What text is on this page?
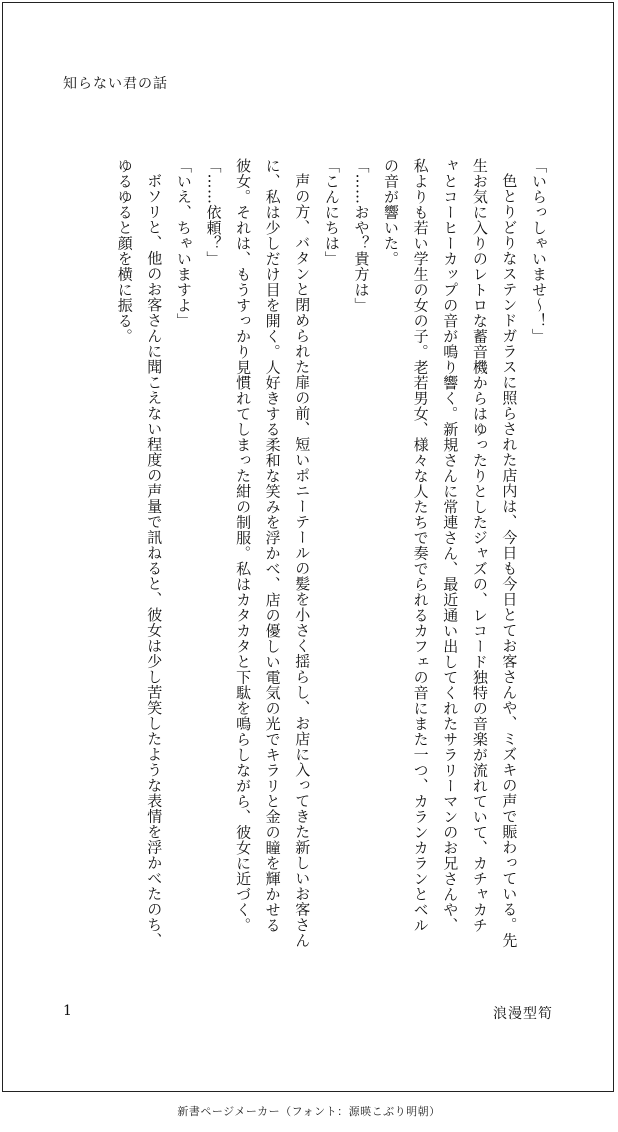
知らない君の話

「いらっしゃいませ～！」

色とりどりなステンドガラスに照らされた店内は、今日も今日とてお客さんや、ミズキの声で賑わっている。先生お気に入りのレトロな蓄音機からはゆったりとしたジャズの、レコード独特の音楽が流れていて、カチャカチャとコーヒーカップの音が鳴り響く。新規さんに常連さん、最近通い出してくれたサラリーマンのお兄さんや、私よりも若い学生の女の子。老若男女、様々な人たちで奏でられるカフェの音にまた一つ、カランカランとベルの音が響いた。

「……おや？貴方は」

「こんにちは」

声の方、バタンと閉められた扉の前、短いポニーテールの髪を小さく揺らし、お店に入ってきた新しいお客さんに、私は少しだけ目を開く。人好きする柔和な笑みを浮かべ、店の優しい電気の光でキラリと金の瞳を輝かせる彼女。それは、もうすっかり見慣れてしまった紺の制服。私はカタカタと下駄を鳴らしながら、彼女に近づく。

「……依頼？」

「いえ、ちゃいますよ」

ボソリと、他のお客さんに聞こえない程度の声量で訊ねると、彼女は少し苦笑したような表情を浮かべたのち、ゆるゆると顔を横に振る。

1	浪漫型筍
新書ページメーカー（フォント：源暎こぶり明朝）
